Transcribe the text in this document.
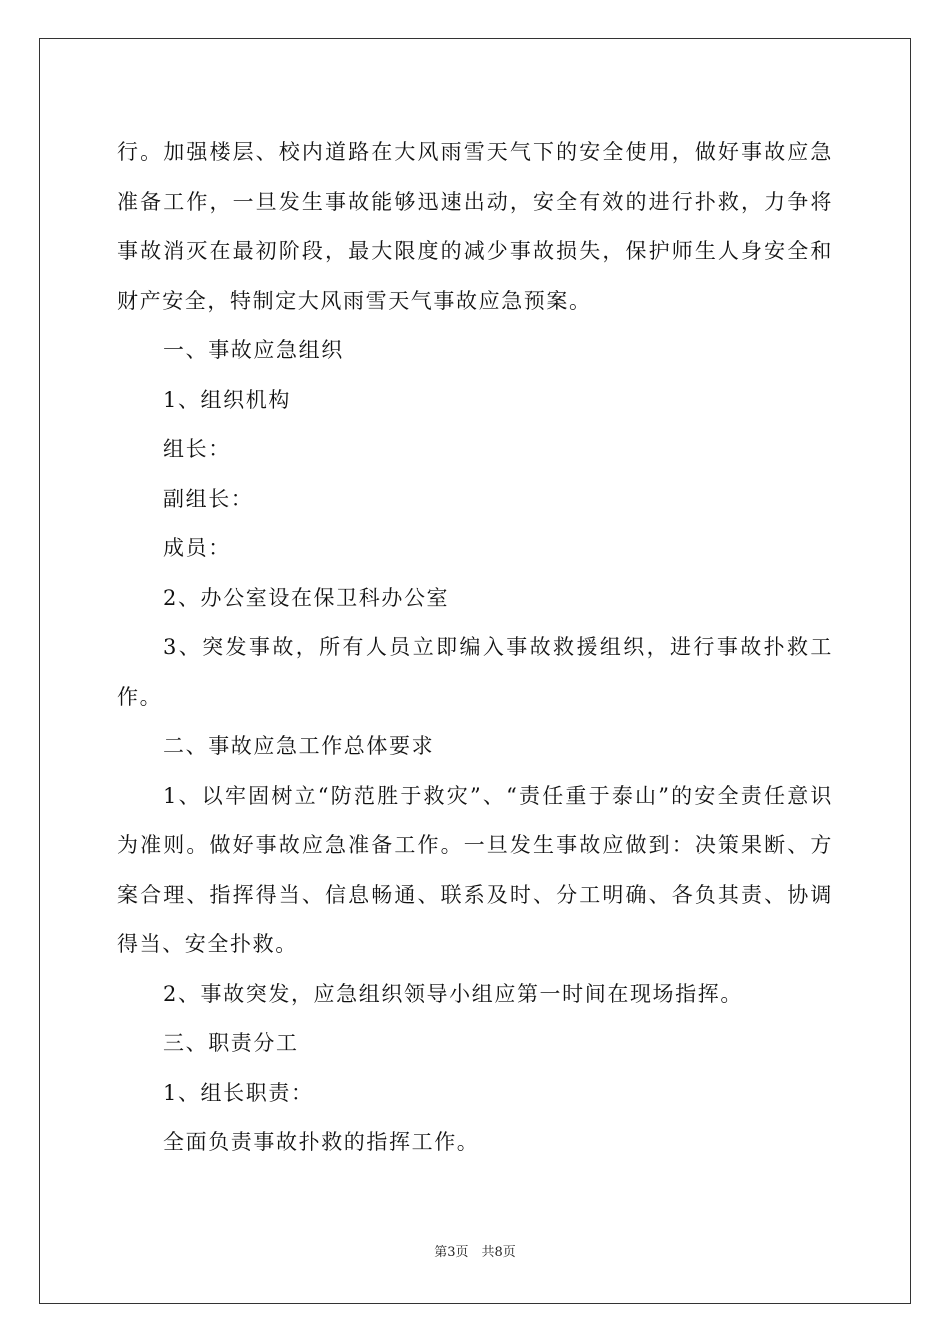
行。加强楼层、校内道路在大风雨雪天气下的安全使用，做好事故应急准备工作，一旦发生事故能够迅速出动，安全有效的进行扑救，力争将事故消灭在最初阶段，最大限度的减少事故损失，保护师生人身安全和财产安全，特制定大风雨雪天气事故应急预案。

一、事故应急组织

1、组织机构

组长：

副组长：

成员：

2、办公室设在保卫科办公室

3、突发事故，所有人员立即编入事故救援组织，进行事故扑救工作。

二、事故应急工作总体要求

1、以牢固树立“防范胜于救灾”、“责任重于泰山”的安全责任意识为准则。做好事故应急准备工作。一旦发生事故应做到：决策果断、方案合理、指挥得当、信息畅通、联系及时、分工明确、各负其责、协调得当、安全扑救。

2、事故突发，应急组织领导小组应第一时间在现场指挥。

三、职责分工

1、组长职责：

全面负责事故扑救的指挥工作。

第3页　共8页
